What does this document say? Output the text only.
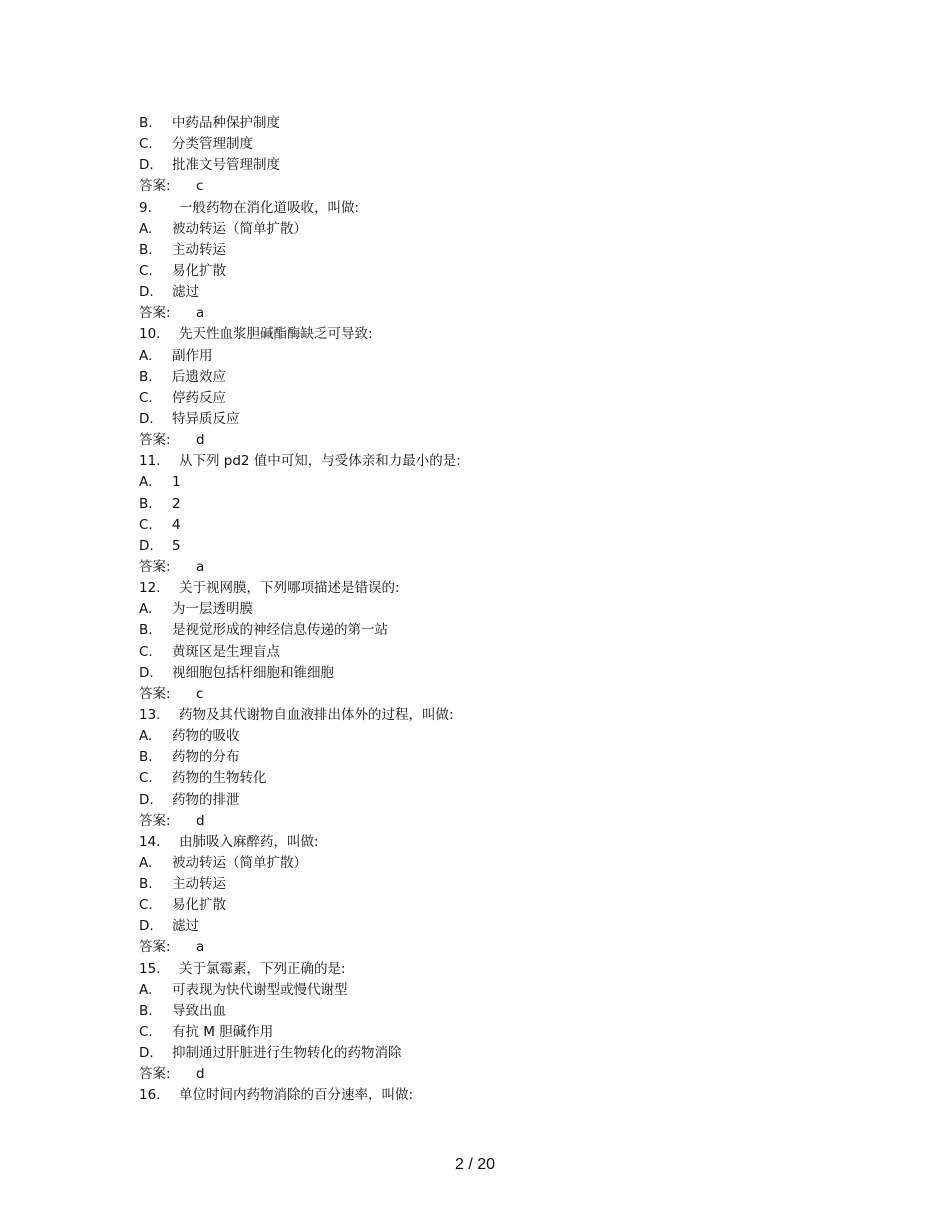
B.	中药品种保护制度
C.	分类管理制度
D.	批准文号管理制度
答案:	c
9.	一般药物在消化道吸收，叫做:
A.	被动转运（简单扩散）
B.	主动转运
C.	易化扩散
D.	滤过
答案:	a
10.	先天性血浆胆碱酯酶缺乏可导致:
A.	副作用
B.	后遗效应
C.	停药反应
D.	特异质反应
答案:	d
11.	从下列 pd2 值中可知，与受体亲和力最小的是:
A.	1
B.	2
C.	4
D.	5
答案:	a
12.	关于视网膜，下列哪项描述是错误的:
A.	为一层透明膜
B.	是视觉形成的神经信息传递的第一站
C.	黄斑区是生理盲点
D.	视细胞包括杆细胞和锥细胞
答案:	c
13.	药物及其代谢物自血液排出体外的过程，叫做:
A.	药物的吸收
B.	药物的分布
C.	药物的生物转化
D.	药物的排泄
答案:	d
14.	由肺吸入麻醉药，叫做:
A.	被动转运（简单扩散）
B.	主动转运
C.	易化扩散
D.	滤过
答案:	a
15.	关于氯霉素，下列正确的是:
A.	可表现为快代谢型或慢代谢型
B.	导致出血
C.	有抗 M 胆碱作用
D.	抑制通过肝脏进行生物转化的药物消除
答案:	d
16.	单位时间内药物消除的百分速率，叫做:
2 / 20
